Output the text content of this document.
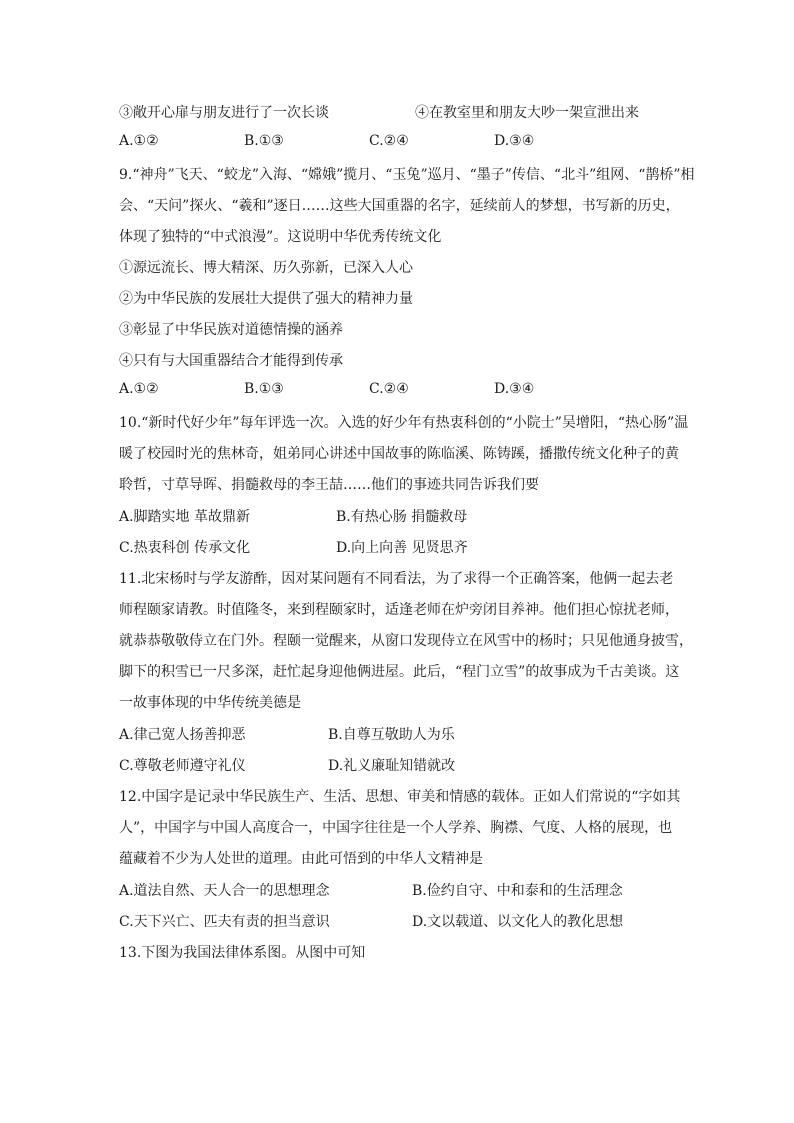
③敞开心扉与朋友进行了一次长谈	④在教室里和朋友大吵一架宣泄出来
A.①②	B.①③	C.②④	D.③④
9.“神舟”飞天、“蛟龙”入海、“嫦娥”揽月、“玉兔”巡月、“墨子”传信、“北斗”组网、“鹊桥”相
会、“天问”探火、“羲和”逐日……这些大国重器的名字，延续前人的梦想，书写新的历史，
体现了独特的“中式浪漫”。这说明中华优秀传统文化
①源远流长、博大精深、历久弥新，已深入人心
②为中华民族的发展壮大提供了强大的精神力量
③彰显了中华民族对道德情操的涵养
④只有与大国重器结合才能得到传承
A.①②	B.①③	C.②④	D.③④
10.“新时代好少年”每年评选一次。入选的好少年有热衷科创的“小院士”吴增阳，“热心肠”温
暖了校园时光的焦林奇，姐弟同心讲述中国故事的陈临溪、陈铸蹊，播撒传统文化种子的黄
聆哲，寸草导晖、捐髓救母的李王喆……他们的事迹共同告诉我们要
A.脚踏实地 革故鼎新	B.有热心肠 捐髓救母
C.热衷科创 传承文化	D.向上向善 见贤思齐
11.北宋杨时与学友游酢，因对某问题有不同看法，为了求得一个正确答案，他俩一起去老
师程颐家请教。时值隆冬，来到程颐家时，适逢老师在炉旁闭目养神。他们担心惊扰老师，
就恭恭敬敬侍立在门外。程颐一觉醒来，从窗口发现侍立在风雪中的杨时；只见他通身披雪，
脚下的积雪已一尺多深，赶忙起身迎他俩进屋。此后，“程门立雪”的故事成为千古美谈。这
一故事体现的中华传统美德是
A.律己宽人扬善抑恶	B.自尊互敬助人为乐
C.尊敬老师遵守礼仪	D.礼义廉耻知错就改
12.中国字是记录中华民族生产、生活、思想、审美和情感的载体。正如人们常说的“字如其
人”，中国字与中国人高度合一，中国字往往是一个人学养、胸襟、气度、人格的展现，也
蕴藏着不少为人处世的道理。由此可悟到的中华人文精神是
A.道法自然、天人合一的思想理念	B.俭约自守、中和泰和的生活理念
C.天下兴亡、匹夫有责的担当意识	D.文以载道、以文化人的教化思想
13.下图为我国法律体系图。从图中可知
